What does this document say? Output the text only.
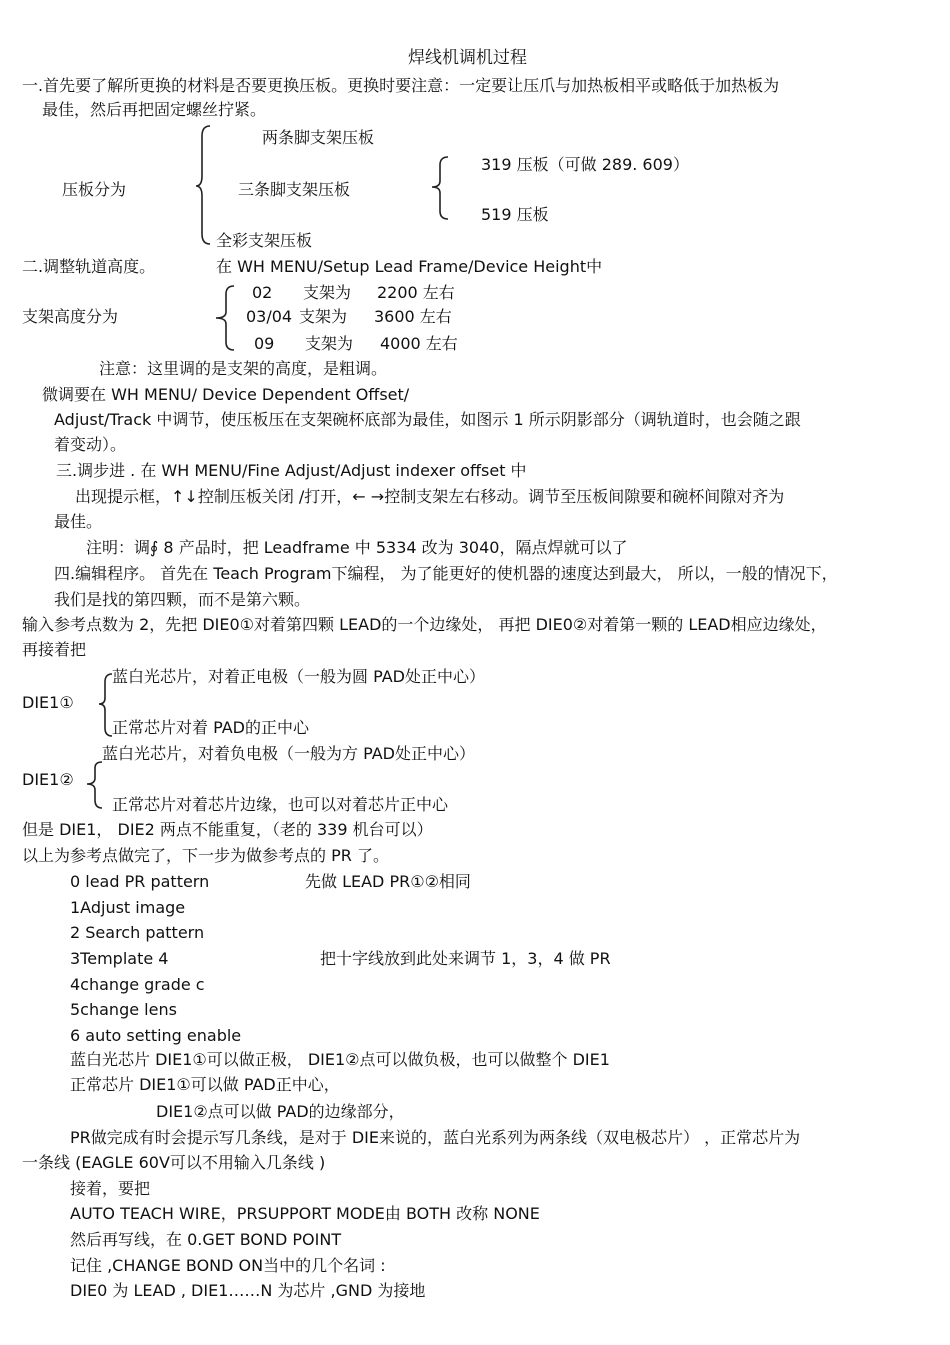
焊线机调机过程
一.首先要了解所更换的材料是否要更换压板。更换时要注意：一定要让压爪与加热板相平或略低于加热板为
最佳，然后再把固定螺丝拧紧。
压板分为
两条脚支架压板
三条脚支架压板
全彩支架压板
319 压板（可做 289. 609）
519 压板
二.调整轨道高度。	在 WH MENU/Setup Lead Frame/Device Height中
支架高度分为
02 支架为 2200 左右
03/04 支架为 3600 左右
09 支架为 4000 左右
注意：这里调的是支架的高度，是粗调。
微调要在 WH MENU/ Device Dependent Offset/
Adjust/Track 中调节，使压板压在支架碗杯底部为最佳，如图示 1 所示阴影部分（调轨道时，也会随之跟
着变动）。
三.调步进 . 在 WH MENU/Fine Adjust/Adjust indexer offset 中
出现提示框，↑↓控制压板关闭 /打开，← →控制支架左右移动。调节至压板间隙要和碗杯间隙对齐为
最佳。
注明：调∮ 8 产品时，把 Leadframe 中 5334 改为 3040，隔点焊就可以了
四.编辑程序。 首先在 Teach Program下编程， 为了能更好的使机器的速度达到最大， 所以，一般的情况下，
我们是找的第四颗，而不是第六颗。
输入参考点数为 2，先把 DIE0①对着第四颗 LEAD的一个边缘处， 再把 DIE0②对着第一颗的 LEAD相应边缘处，
再接着把
DIE1①
蓝白光芯片，对着正电极（一般为圆 PAD处正中心）
正常芯片对着 PAD的正中心
DIE1②
蓝白光芯片，对着负电极（一般为方 PAD处正中心）
正常芯片对着芯片边缘，也可以对着芯片正中心
但是 DIE1， DIE2 两点不能重复，（老的 339 机台可以）
以上为参考点做完了，下一步为做参考点的 PR 了。
0 lead PR pattern	先做 LEAD PR①②相同
1Adjust image
2 Search pattern
3Template 4	把十字线放到此处来调节 1，3，4 做 PR
4change grade c
5change lens
6 auto setting enable
蓝白光芯片 DIE1①可以做正极， DIE1②点可以做负极，也可以做整个 DIE1
正常芯片 DIE1①可以做 PAD正中心，
DIE1②点可以做 PAD的边缘部分，
PR做完成有时会提示写几条线，是对于 DIE来说的，蓝白光系列为两条线（双电极芯片） ，正常芯片为
一条线 (EAGLE 60V可以不用输入几条线 )
接着，要把
AUTO TEACH WIRE，PRSUPPORT MODE由 BOTH 改称 NONE
然后再写线，在 0.GET BOND POINT
记住 ,CHANGE BOND ON当中的几个名词 :
DIE0 为 LEAD , DIE1……N 为芯片 ,GND 为接地
